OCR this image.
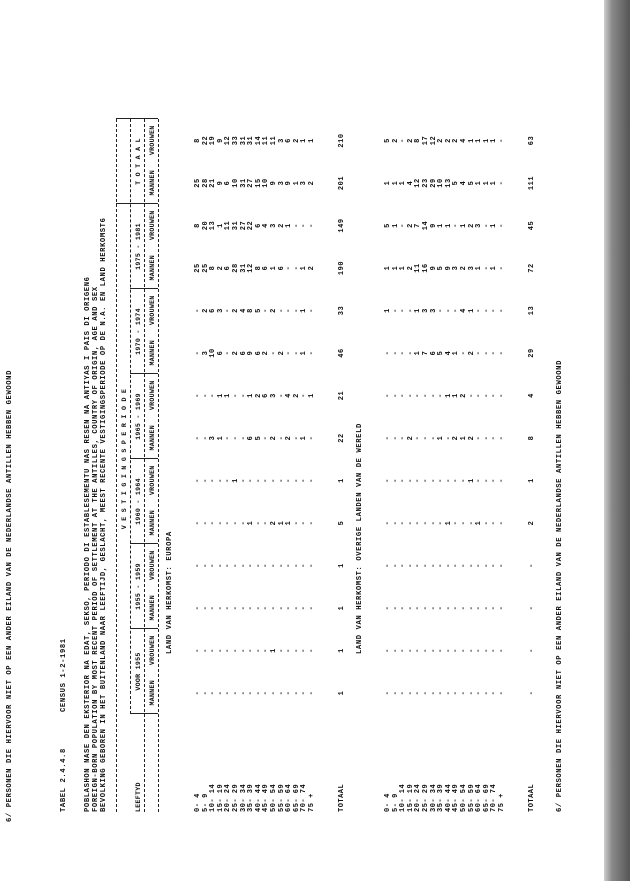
6/ PERSONEN DIE HIERVOOR NIET OP EEN ANDER EILAND VAN DE NEDERLANDSE ANTILLEN HEBBEN GEWOOND	TABEL 2.4.4.8
CENSUS 1-2-1981 POBLASHON NASE DEN EKSTERIOR NA EDAT, SEKSO, PERIODO DI ESTABLESEMENTU NAS RESEN NA ANTIYAS I PAIS DI ORIGEN6 FOREIGN-BORN POPULATION BY MOST RECENT PERIOD OF SETTLEMENT AT THE ANTILLES, COUNTRY OF ORIGIN, AGE AND SEX BEVOLKING GEBOREN IN HET BUITENLAND NAAR LEEFTIJD, GESLACHT, MEEST RECENTE VESTIGINGSPERIODE OP DE N.A. EN LAND HERKOMST6 V E S T I G I N G S P E R I O D E
LEEFTYD
VOOR 1955
MANNEN
VROUWEN
1955 - 1959 MANNEN
VROUWEN
1960 - 1964 MANNEN
VROUWEN
1965 - 1969 MANNEN
VROUWEN
1970 - 1974 MANNEN
VROUWEN
1975 - 1981 MANNEN
VROUWEN
T O T A A L MANNEN
VROUWEN
LAND VAN HERKOMST: EUROPA
0- 4
-
-
-
-
-
-
-
-
-
-
25
8
25
8
5- 9
-
-
-
-
-
-
-
-
3
2
25
20
28
22
10- 14
-
-
-
-
-
-
3
-
10
6
8
13
21
19
15- 19
-
-
-
-
-
-
1
1
6
3
2
1
9
9
20- 24
-
-
-
-
-
-
-
1
-
-
6
11
6
12
25- 29
-
-
-
-
-
1
-
-
2
2
28
31
10
33
30- 34
-
-
-
-
-
-
-
-
6
4
31
27
31
31
35- 39
-
-
-
-
1
-
6
1
9
8
12
22
27
31
40- 44
-
-
-
-
-
-
5
2
6
5
8
6
15
14
45- 49
-
-
-
-
-
-
-
6
2
-
6
4
10
11
50- 54
-
1
-
-
2
-
2
3
-
2
1
3
9
11
55- 59
-
-
-
-
1
-
-
-
2
-
6
2
3
3
60- 64
-
-
-
-
1
-
2
4
-
-
-
1
9
6
65- 69
-
-
-
-
-
-
-
2
-
-
-
-
1
2
70- 74
-
-
-
-
-
-
1
-
1
1
1
-
3
1
75 +
-
-
-
-
-
-
-
1
-
-
2
-
2
1
TOTAAL
1
1
1
1
5
1
22
21
46
33
190
149
201
210
LAND VAN HERKOMST: OVERIGE LANDEN VAN DE WERELD
0- 4
-
-
-
-
-
-
-
-
-
1
1
5
1
5
5- 9
-
-
-
-
-
-
-
-
-
-
1
1
1
2
10- 14
-
-
-
-
-
-
-
-
-
-
1
-
1
-
15- 19
-
-
-
-
-
-
2
-
-
-
2
2
4
2
20- 24
-
-
-
-
-
-
-
-
1
1
11
7
12
8
25- 29
-
-
-
-
-
-
-
-
7
3
16
14
23
17
30- 34
-
-
-
-
-
-
-
-
6
3
9
9
29
12
35- 39
-
-
-
-
-
-
1
-
5
-
5
1
10
2
40- 44
-
-
-
-
1
-
-
1
4
-
9
1
13
2
45- 49
-
-
-
-
-
-
2
1
1
-
3
-
5
2
50- 54
-
-
-
-
-
-
1
2
-
4
2
1
4
4
55- 59
-
-
-
-
-
1
2
-
2
1
3
2
5
1
60- 64
-
-
-
-
1
-
-
-
-
-
1
3
1
1
65- 69
-
-
-
-
-
-
-
-
-
-
-
-
1
1
70- 74
-
-
-
-
-
-
-
-
-
-
1
1
1
1
75 +
-
-
-
-
-
-
-
-
-
-
-
-
-
-
TOTAAL
-
-
-
-
2
1
8
4
29
13
72
45
111
63
6/ PERSONEN DIE HIERVOOR NIET OP EEN ANDER EILAND VAN DE NEDERLANDSE ANTILLEN HEBBEN GEWOOND
